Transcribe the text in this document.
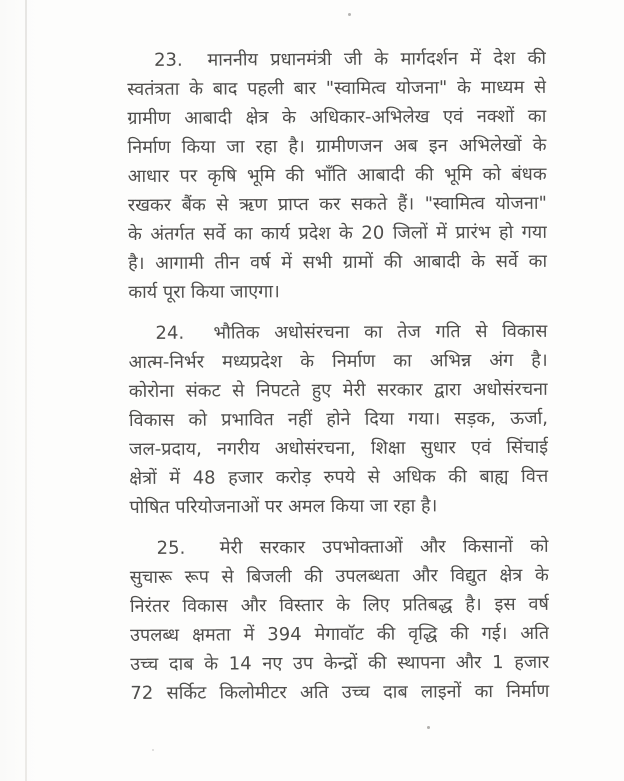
23.  माननीय प्रधानमंत्री जी के मार्गदर्शन में देश की
स्वतंत्रता के बाद पहली बार "स्वामित्व योजना" के माध्यम से
ग्रामीण आबादी क्षेत्र के अधिकार-अभिलेख एवं नक्शों का
निर्माण किया जा रहा है। ग्रामीणजन अब इन अभिलेखों के
आधार पर कृषि भूमि की भाँति आबादी की भूमि को बंधक
रखकर बैंक से ऋण प्राप्त कर सकते हैं। "स्वामित्व योजना"
के अंतर्गत सर्वे का कार्य प्रदेश के 20 जिलों में प्रारंभ हो गया
है। आगामी तीन वर्ष में सभी ग्रामों की आबादी के सर्वे का
कार्य पूरा किया जाएगा।
24.  भौतिक अधोसंरचना का तेज गति से विकास
आत्म-निर्भर मध्यप्रदेश के निर्माण का अभिन्न अंग है।
कोरोना संकट से निपटते हुए मेरी सरकार द्वारा अधोसंरचना
विकास को प्रभावित नहीं होने दिया गया। सड़क, ऊर्जा,
जल-प्रदाय, नगरीय अधोसंरचना, शिक्षा सुधार एवं सिंचाई
क्षेत्रों में 48 हजार करोड़ रुपये से अधिक की बाह्य वित्त
पोषित परियोजनाओं पर अमल किया जा रहा है।
25.  मेरी सरकार उपभोक्ताओं और किसानों को
सुचारू रूप से बिजली की उपलब्धता और विद्युत क्षेत्र के
निरंतर विकास और विस्तार के लिए प्रतिबद्ध है। इस वर्ष
उपलब्ध क्षमता में 394 मेगावॉट की वृद्धि की गई। अति
उच्च दाब के 14 नए उप केन्द्रों की स्थापना और 1 हजार
72 सर्किट किलोमीटर अति उच्च दाब लाइनों का निर्माण
